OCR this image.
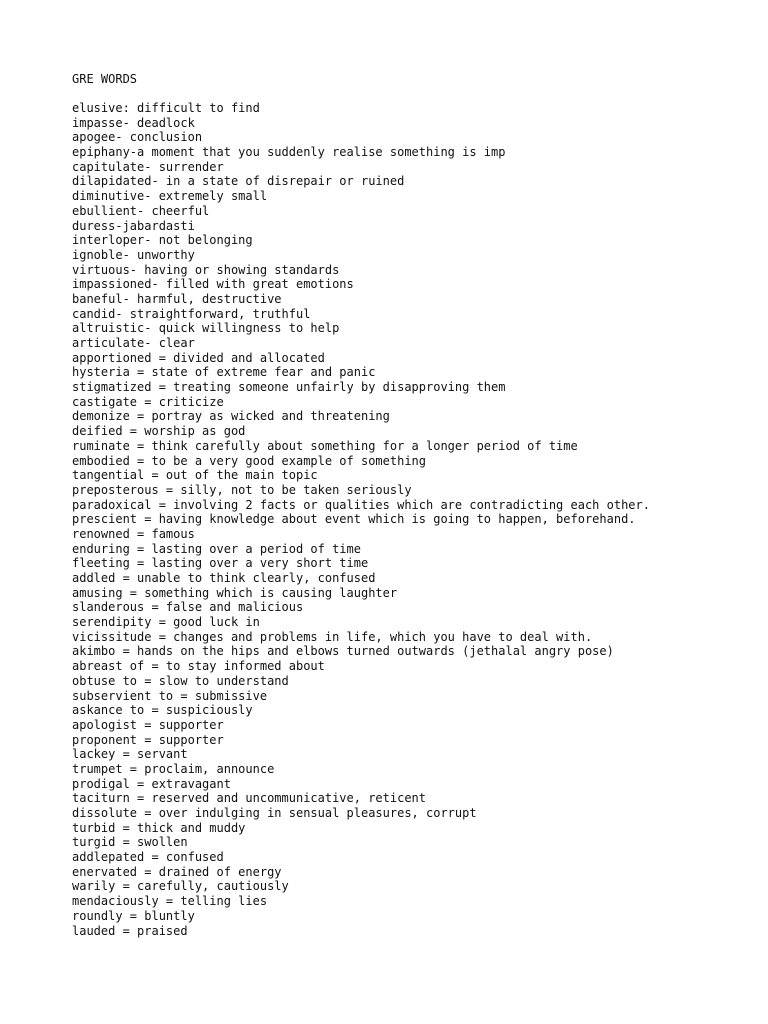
GRE WORDS
elusive: difficult to find
impasse- deadlock
apogee- conclusion
epiphany-a moment that you suddenly realise something is imp
capitulate- surrender
dilapidated- in a state of disrepair or ruined
diminutive- extremely small
ebullient- cheerful
duress-jabardasti
interloper- not belonging
ignoble- unworthy
virtuous- having or showing standards
impassioned- filled with great emotions
baneful- harmful, destructive
candid- straightforward, truthful
altruistic- quick willingness to help
articulate- clear
apportioned = divided and allocated
hysteria = state of extreme fear and panic
stigmatized = treating someone unfairly by disapproving them
castigate = criticize
demonize = portray as wicked and threatening
deified = worship as god
ruminate = think carefully about something for a longer period of time
embodied = to be a very good example of something
tangential = out of the main topic
preposterous = silly, not to be taken seriously
paradoxical = involving 2 facts or qualities which are contradicting each other.
prescient = having knowledge about event which is going to happen, beforehand.
renowned = famous
enduring = lasting over a period of time
fleeting = lasting over a very short time
addled = unable to think clearly, confused
amusing = something which is causing laughter
slanderous = false and malicious
serendipity = good luck in
vicissitude = changes and problems in life, which you have to deal with.
akimbo = hands on the hips and elbows turned outwards (jethalal angry pose)
abreast of = to stay informed about
obtuse to = slow to understand
subservient to = submissive
askance to = suspiciously
apologist = supporter
proponent = supporter
lackey = servant
trumpet = proclaim, announce
prodigal = extravagant
taciturn = reserved and uncommunicative, reticent
dissolute = over indulging in sensual pleasures, corrupt
turbid = thick and muddy
turgid = swollen
addlepated = confused
enervated = drained of energy
warily = carefully, cautiously
mendaciously = telling lies
roundly = bluntly
lauded = praised
